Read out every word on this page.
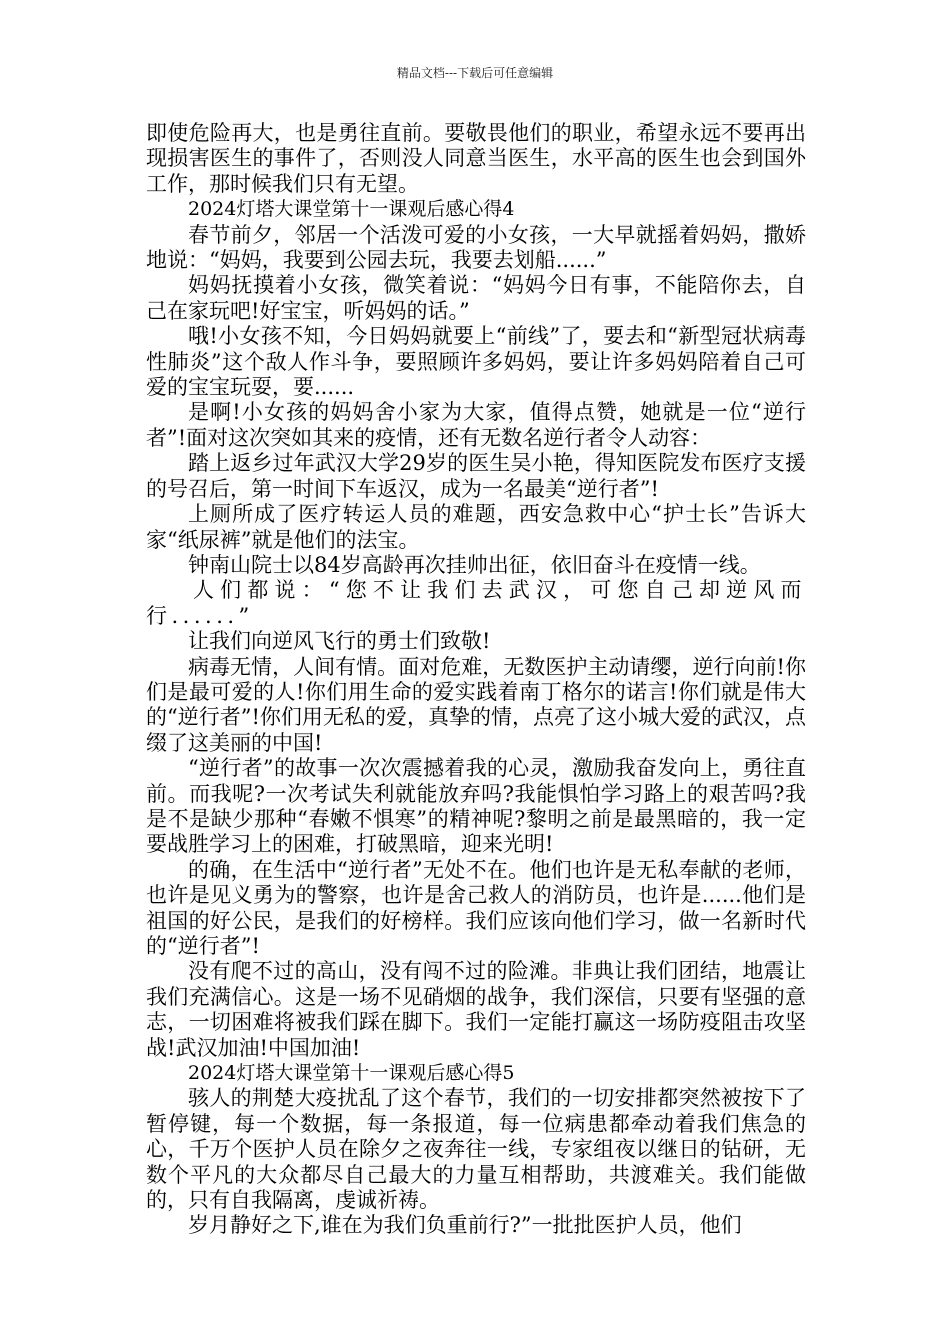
精品文档---下载后可任意编辑

即使危险再大，也是勇往直前。要敬畏他们的职业，希望永远不要再出现损害医生的事件了，否则没人同意当医生，水平高的医生也会到国外工作，那时候我们只有无望。

2024灯塔大课堂第十一课观后感心得4

春节前夕，邻居一个活泼可爱的小女孩，一大早就摇着妈妈，撒娇地说：“妈妈，我要到公园去玩，我要去划船......”

妈妈抚摸着小女孩，微笑着说：“妈妈今日有事，不能陪你去，自己在家玩吧!好宝宝，听妈妈的话。”

哦!小女孩不知，今日妈妈就要上“前线”了，要去和“新型冠状病毒性肺炎”这个敌人作斗争，要照顾许多妈妈，要让许多妈妈陪着自己可爱的宝宝玩耍，要......

是啊!小女孩的妈妈舍小家为大家，值得点赞，她就是一位“逆行者”!面对这次突如其来的疫情，还有无数名逆行者令人动容：

踏上返乡过年武汉大学29岁的医生吴小艳，得知医院发布医疗支援的号召后，第一时间下车返汉，成为一名最美“逆行者”!

上厕所成了医疗转运人员的难题，西安急救中心“护士长”告诉大家“纸尿裤”就是他们的法宝。

钟南山院士以84岁高龄再次挂帅出征，依旧奋斗在疫情一线。

人们都说：“您不让我们去武汉，可您自己却逆风而行......”

让我们向逆风飞行的勇士们致敬!

病毒无情，人间有情。面对危难，无数医护主动请缨，逆行向前!你们是最可爱的人!你们用生命的爱实践着南丁格尔的诺言!你们就是伟大的“逆行者”!你们用无私的爱，真挚的情，点亮了这小城大爱的武汉，点缀了这美丽的中国!

“逆行者”的故事一次次震撼着我的心灵，激励我奋发向上，勇往直前。而我呢?一次考试失利就能放弃吗?我能惧怕学习路上的艰苦吗?我是不是缺少那种“春嫩不惧寒”的精神呢?黎明之前是最黑暗的，我一定要战胜学习上的困难，打破黑暗，迎来光明!

的确，在生活中“逆行者”无处不在。他们也许是无私奉献的老师，也许是见义勇为的警察，也许是舍己救人的消防员，也许是......他们是祖国的好公民，是我们的好榜样。我们应该向他们学习，做一名新时代的“逆行者”!

没有爬不过的高山，没有闯不过的险滩。非典让我们团结，地震让我们充满信心。这是一场不见硝烟的战争，我们深信，只要有坚强的意志，一切困难将被我们踩在脚下。我们一定能打赢这一场防疫阻击攻坚战!武汉加油!中国加油!

2024灯塔大课堂第十一课观后感心得5

骇人的荆楚大疫扰乱了这个春节，我们的一切安排都突然被按下了暂停键，每一个数据，每一条报道，每一位病患都牵动着我们焦急的心，千万个医护人员在除夕之夜奔往一线，专家组夜以继日的钻研，无数个平凡的大众都尽自己最大的力量互相帮助，共渡难关。我们能做的，只有自我隔离，虔诚祈祷。

岁月静好之下,谁在为我们负重前行?”一批批医护人员，他们
